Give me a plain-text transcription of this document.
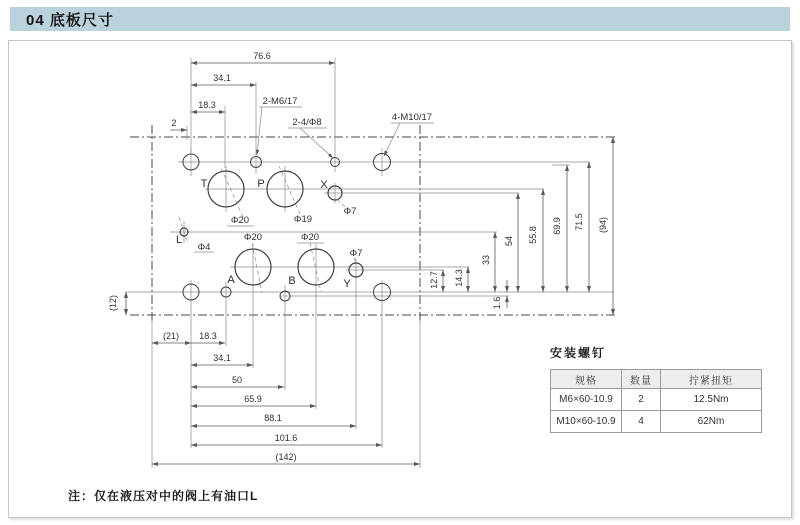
04 底板尺寸
2-M6/17
2-4/Φ8	4-M10/17
T	P	X
L
A	B	Y
Φ20	Φ19
Φ7
Φ4
Φ20	Φ20
Φ7
76.6
34.1
18.3
2
(21) 18.3
34.1
50
65.9
88.1
101.6
(142)
12.7 14.3
33
54 55.8
69.9 71.5 (94)
1.6
(12)
安装螺钉
规格	数量	拧紧扭矩
M6×60-10.9	2	12.5Nm
M10×60-10.9	4	62Nm
注：仅在液压对中的阀上有油口L
